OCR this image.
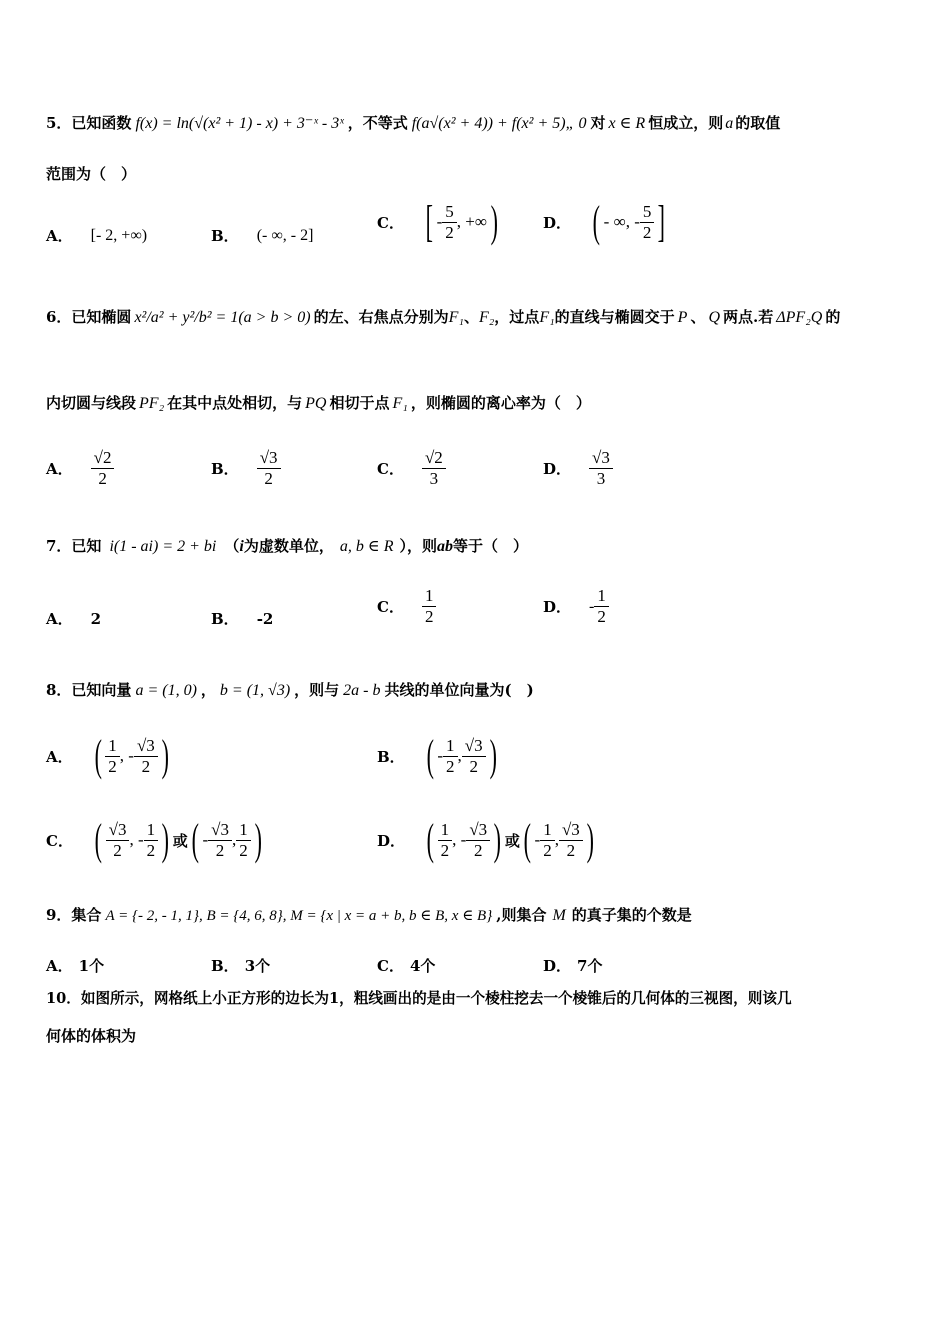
5．已知函数 f(x) = ln(√(x² + 1) - x) + 3⁻ˣ - 3ˣ ，不等式 f(a√(x² + 4)) + f(x² + 5)„ 0 对 x ∈ R 恒成立，则 a 的取值
范围为（　）
A． [- 2, +∞)	B． (- ∞, - 2]
C． [ - $\frac{5}{2}$ , +∞ )	D． ( - ∞, - $\frac{5}{2}$ ]
6．已知椭圆 x²/a² + y²/b² = 1(a > b > 0) 的左、右焦点分别为F₁、F₂，过点F₁的直线与椭圆交于 P 、 Q 两点.若 ΔPF₂Q 的
内切圆与线段 PF₂ 在其中点处相切，与 PQ 相切于点 F₁ ，则椭圆的离心率为（　）
A． $\frac{√2}{2}$	B． $\frac{√3}{2}$	C． $\frac{√2}{3}$	D． $\frac{√3}{3}$
7．已知 i(1 - ai) = 2 + bi （i为虚数单位， a, b ∈ R ），则ab等于（　）
A． 2	B． -2
C． $\frac{1}{2}$	D． - $\frac{1}{2}$
8．已知向量 a = (1, 0) ， b = (1, √3) ，则与 2a - b 共线的单位向量为(　)
A． ( $\frac{1}{2}$ , - $\frac{√3}{2}$ )	B． ( - $\frac{1}{2}$ , $\frac{√3}{2}$ )
C． ( $\frac{√3}{2}$ , - $\frac{1}{2}$ ) 或 ( - $\frac{√3}{2}$ , $\frac{1}{2}$ )	D． ( $\frac{1}{2}$ , - $\frac{√3}{2}$ ) 或 ( - $\frac{1}{2}$ , $\frac{√3}{2}$ )
9．集合 A = {- 2, - 1, 1}, B = {4, 6, 8}, M = {x | x = a + b, b ∈ B, x ∈ B} ,则集合 M 的真子集的个数是
A． 1个	B． 3个	C． 4个	D． 7个
10．如图所示，网格纸上小正方形的边长为1，粗线画出的是由一个棱柱挖去一个棱锥后的几何体的三视图，则该几
何体的体积为
